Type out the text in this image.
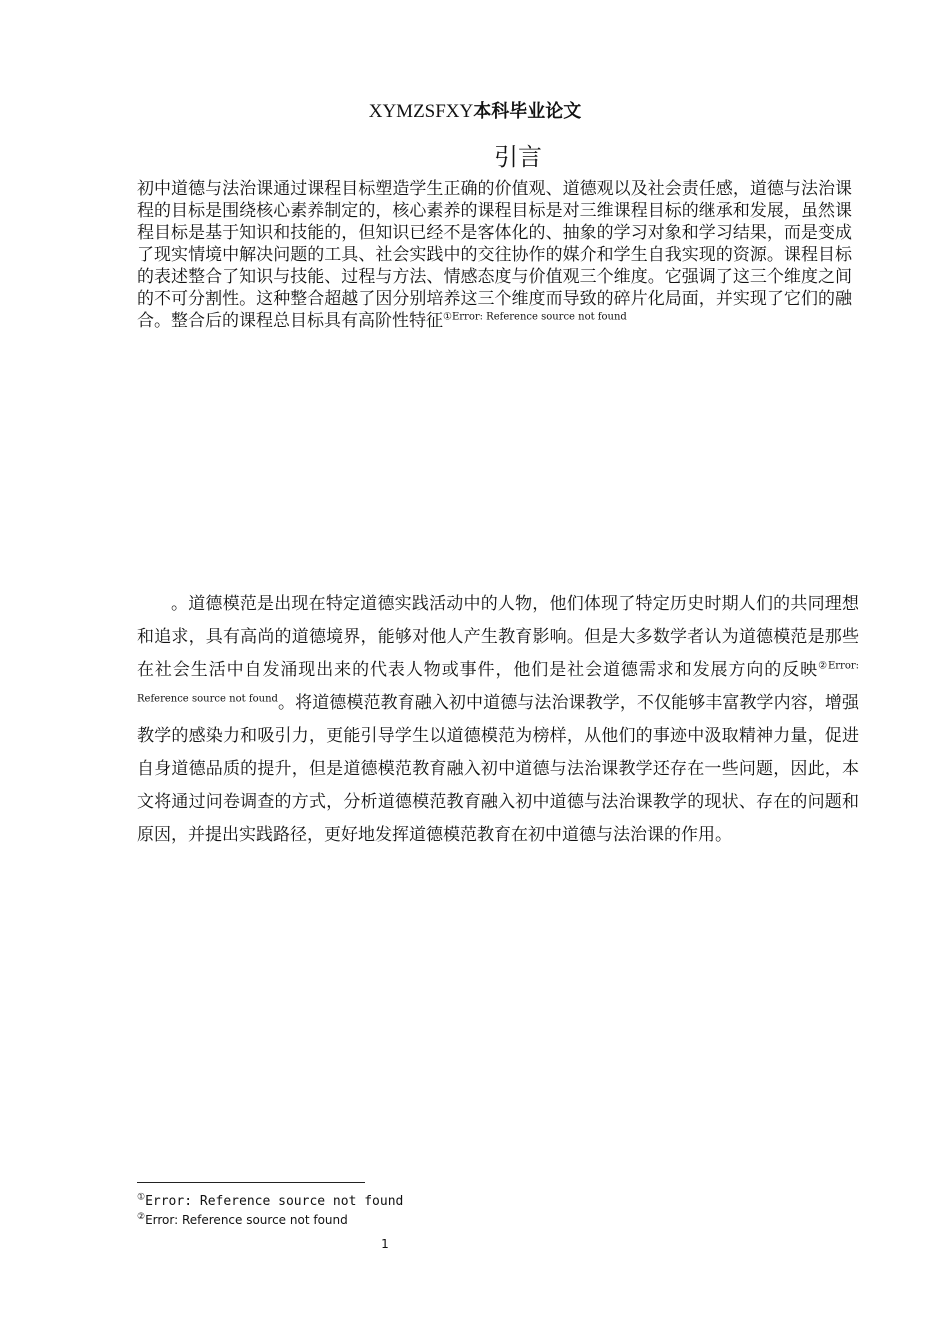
XYMZSFXY本科毕业论文
引言
初中道德与法治课通过课程目标塑造学生正确的价值观、道德观以及社会责任感，道德与法治课程的目标是围绕核心素养制定的，核心素养的课程目标是对三维课程目标的继承和发展，虽然课程目标是基于知识和技能的，但知识已经不是客体化的、抽象的学习对象和学习结果，而是变成了现实情境中解决问题的工具、社会实践中的交往协作的媒介和学生自我实现的资源。课程目标的表述整合了知识与技能、过程与方法、情感态度与价值观三个维度。它强调了这三个维度之间的不可分割性。这种整合超越了因分别培养这三个维度而导致的碎片化局面，并实现了它们的融合。整合后的课程总目标具有高阶性特征$^{①Error: Reference source not found}$
。道德模范是出现在特定道德实践活动中的人物，他们体现了特定历史时期人们的共同理想和追求，具有高尚的道德境界，能够对他人产生教育影响。但是大多数学者认为道德模范是那些在社会生活中自发涌现出来的代表人物或事件，他们是社会道德需求和发展方向的反映$^{②Error: Reference source not found}$。将道德模范教育融入初中道德与法治课教学，不仅能够丰富教学内容，增强教学的感染力和吸引力，更能引导学生以道德模范为榜样，从他们的事迹中汲取精神力量，促进自身道德品质的提升，但是道德模范教育融入初中道德与法治课教学还存在一些问题，因此，本文将通过问卷调查的方式，分析道德模范教育融入初中道德与法治课教学的现状、存在的问题和原因，并提出实践路径，更好地发挥道德模范教育在初中道德与法治课的作用。
①Error: Reference source not found
②Error: Reference source not found
1
